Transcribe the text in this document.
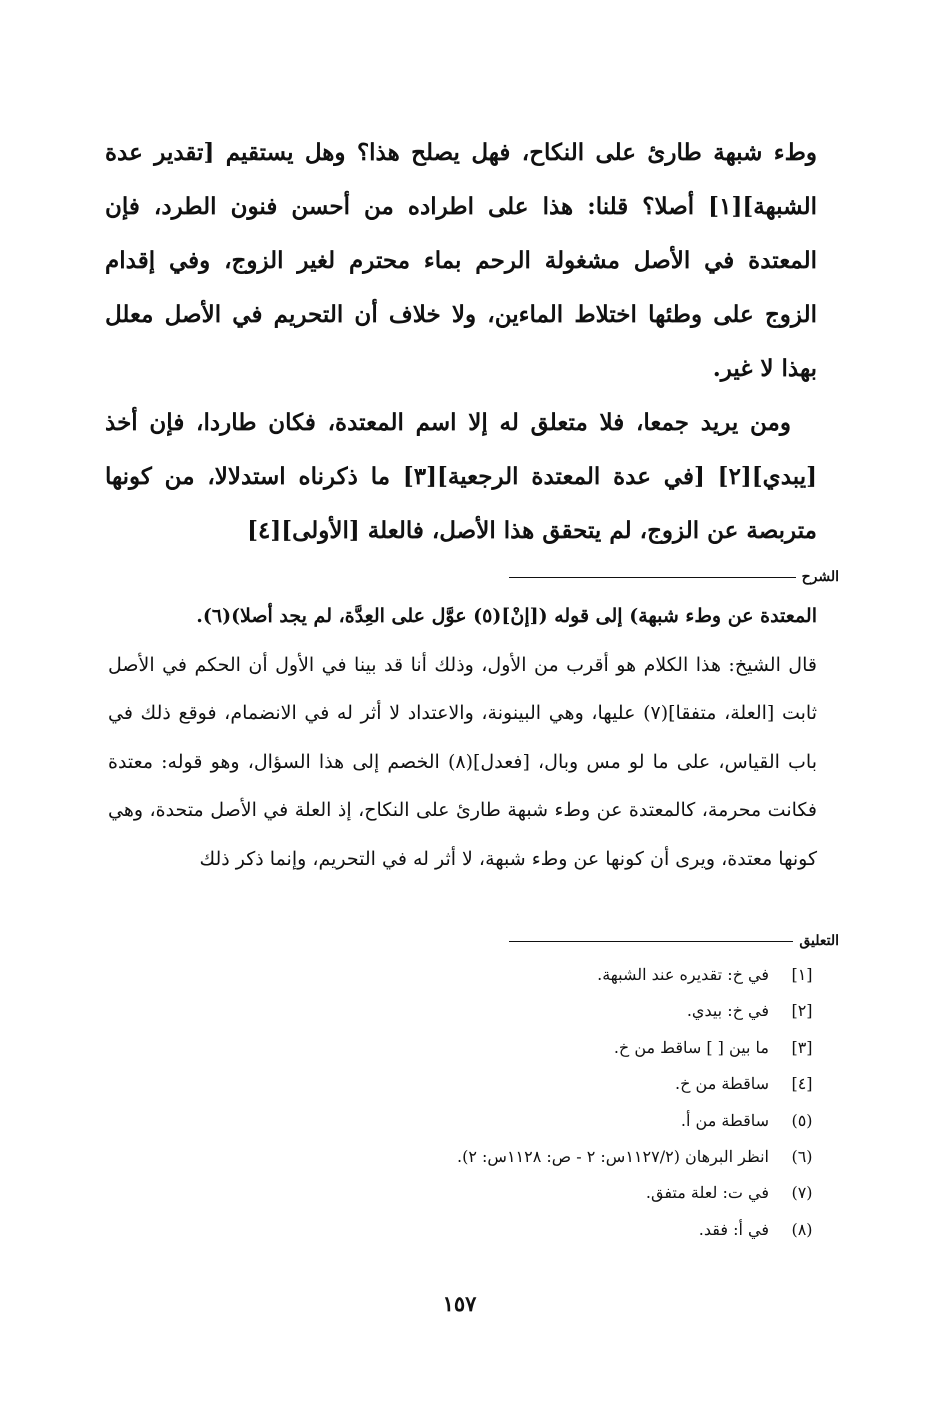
وطء شبهة طارئ على النكاح، فهل يصلح هذا؟ وهل يستقيم [تقدير عدة الشبهة][١] أصلا؟ قلنا: هذا على اطراده من أحسن فنون الطرد، فإن المعتدة في الأصل مشغولة الرحم بماء محترم لغير الزوج، وفي إقدام الزوج على وطئها اختلاط الماءين، ولا خلاف أن التحريم في الأصل معلل بهذا لا غير.

ومن يريد جمعا، فلا متعلق له إلا اسم المعتدة، فكان طاردا، فإن أخذ [يبدي][٢] [في عدة المعتدة الرجعية][٣] ما ذكرناه استدلالا، من كونها متربصة عن الزوج، لم يتحقق هذا الأصل، فالعلة [الأولى][٤]

الشرح

المعتدة عن وطء شبهة) إلى قوله ([إنْ](٥) عوَّل على العِدَّة، لم يجد أصلا)(٦).

قال الشيخ: هذا الكلام هو أقرب من الأول، وذلك أنا قد بينا في الأول أن الحكم في الأصل ثابت [العلة، متفقا](٧) عليها، وهي البينونة، والاعتداد لا أثر له في الانضمام، فوقع ذلك في باب القياس، على ما لو مس وبال، [فعدل](٨) الخصم إلى هذا السؤال، وهو قوله: معتدة فكانت محرمة، كالمعتدة عن وطء شبهة طارئ على النكاح، إذ العلة في الأصل متحدة، وهي كونها معتدة، ويرى أن كونها عن وطء شبهة، لا أثر له في التحريم، وإنما ذكر ذلك

التعليق
[١]
في خ: تقديره عند الشبهة.
[٢]
في خ: بيدي.
[٣]
ما بين [ ] ساقط من خ.
[٤]
ساقطة من خ.
(٥)
ساقطة من أ.
(٦)
انظر البرهان (١١٢٧/٢س: ٢ - ص: ١١٢٨س: ٢).
(٧)
في ت: لعلة متفق.
(٨)
في أ: فقد.
١٥٧
